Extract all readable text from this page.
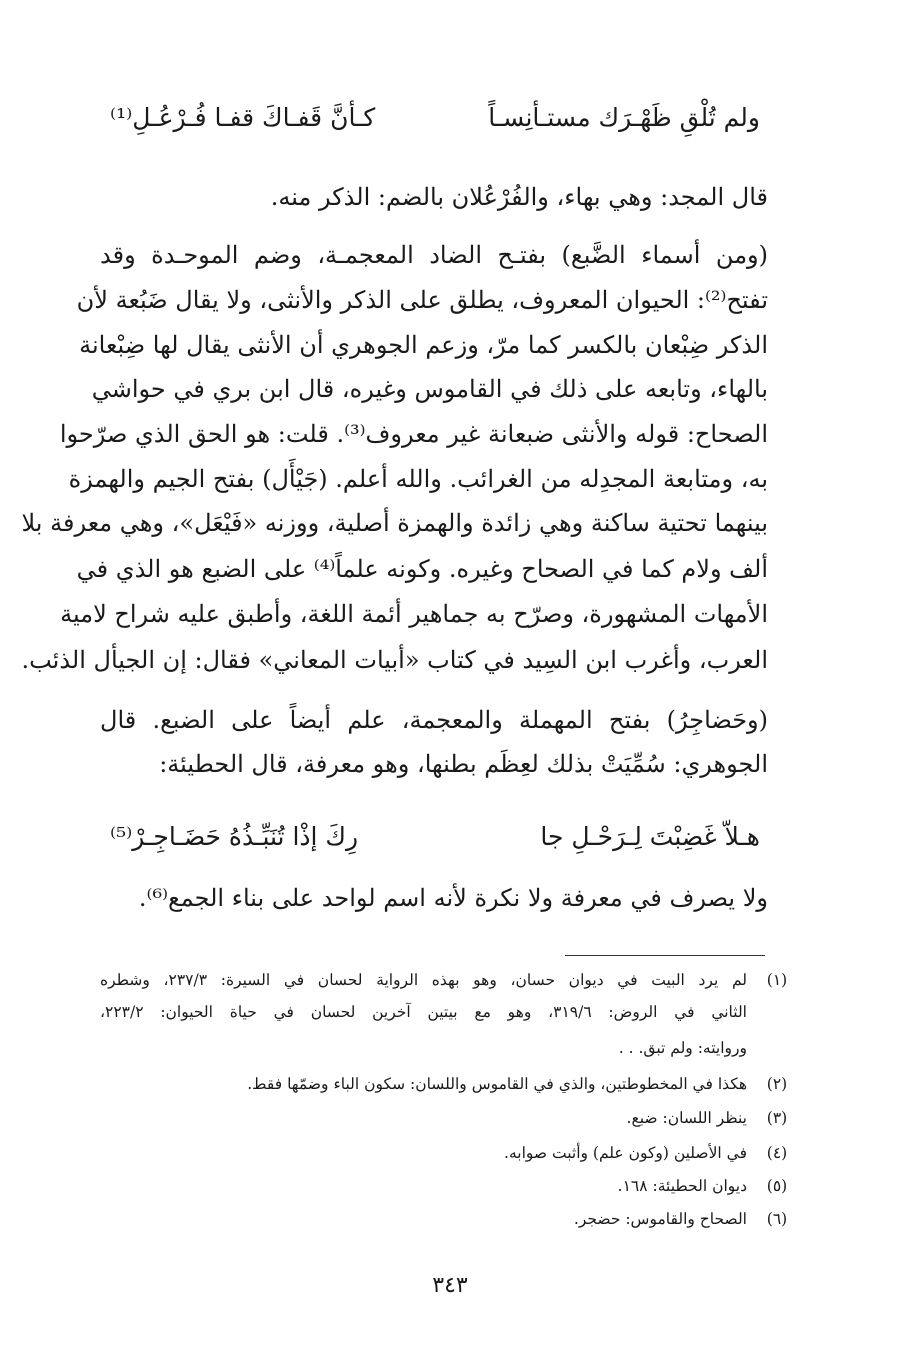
ولم تُلْقِ ظَهْـرَك مستـأنِسـاً
كـأنَّ قَفـاكَ قفـا فُـرْعُـلِ⁽¹⁾
قال المجد: وهي بهاء، والفُرْعُلان بالضم: الذكر منه.
(ومن أسماء الضَّبع) بفتـح الضاد المعجمـة، وضم الموحـدة وقد
تفتح⁽²⁾: الحيوان المعروف، يطلق على الذكر والأنثى، ولا يقال ضَبُعة لأن
الذكر ضِبْعان بالكسر كما مرّ، وزعم الجوهري أن الأنثى يقال لها ضِبْعانة
بالهاء، وتابعه على ذلك في القاموس وغيره، قال ابن بري في حواشي
الصحاح: قوله والأنثى ضبعانة غير معروف⁽³⁾. قلت: هو الحق الذي صرّحوا
به، ومتابعة المجدِله من الغرائب. والله أعلم. (جَيْأَل) بفتح الجيم والهمزة
بينهما تحتية ساكنة وهي زائدة والهمزة أصلية، ووزنه «فَيْعَل»، وهي معرفة بلا
ألف ولام كما في الصحاح وغيره. وكونه علماً⁽⁴⁾ على الضبع هو الذي في
الأمهات المشهورة، وصرّح به جماهير أئمة اللغة، وأطبق عليه شراح لامية
العرب، وأغرب ابن السِيد في كتاب «أبيات المعاني» فقال: إن الجيأل الذئب.
(وحَضاجِرُ) بفتح المهملة والمعجمة، علم أيضاً على الضبع. قال
الجوهري: سُمِّيَتْ بذلك لعِظَم بطنها، وهو معرفة، قال الحطيئة:
هـلاّ غَضِبْتَ لِـرَحْـلِ جا
رِكَ إذْا تُنَبِّـذُهُ حَضَـاجِـرْ⁽⁵⁾
ولا يصرف في معرفة ولا نكرة لأنه اسم لواحد على بناء الجمع⁽⁶⁾.
(١)
لم يرد البيت في ديوان حسان، وهو بهذه الرواية لحسان في السيرة: ٢٣٧/٣، وشطره
الثاني في الروض: ٣١٩/٦، وهو مع بيتين آخرين لحسان في حياة الحيوان: ٢٢٣/٢،
وروايته: ولم تبق. . .
(٢)
هكذا في المخطوطتين، والذي في القاموس واللسان: سكون الباء وضمّها فقط.
(٣)
ينظر اللسان: ضبع.
(٤)
في الأصلين (وكون علم) وأثبت صوابه.
(٥)
ديوان الحطيئة: ١٦٨.
(٦)
الصحاح والقاموس: حضجر.
٣٤٣
